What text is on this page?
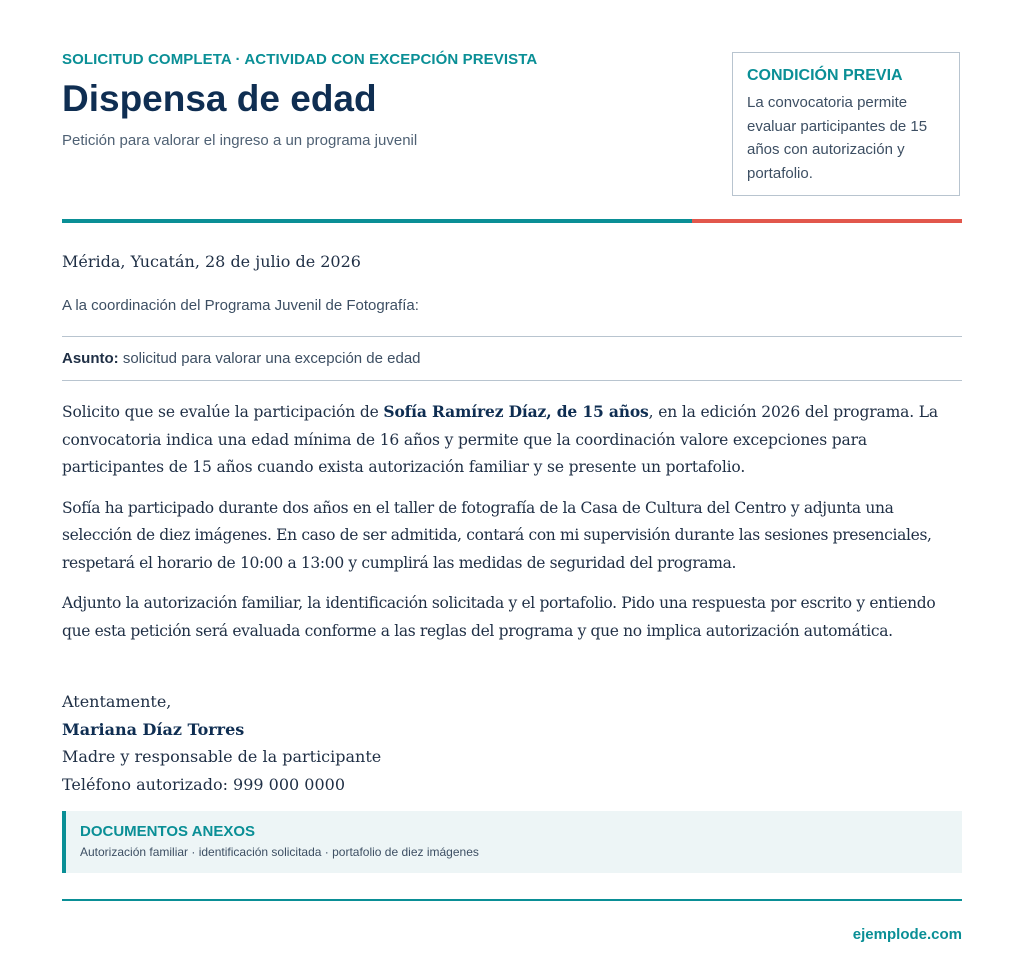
SOLICITUD COMPLETA · ACTIVIDAD CON EXCEPCIÓN PREVISTA
Dispensa de edad
Petición para valorar el ingreso a un programa juvenil
CONDICIÓN PREVIA
La convocatoria permite evaluar participantes de 15 años con autorización y portafolio.
Mérida, Yucatán, 28 de julio de 2026
A la coordinación del Programa Juvenil de Fotografía:
Asunto: solicitud para valorar una excepción de edad

Solicito que se evalúe la participación de Sofía Ramírez Díaz, de 15 años, en la edición 2026 del programa. La convocatoria indica una edad mínima de 16 años y permite que la coordinación valore excepciones para participantes de 15 años cuando exista autorización familiar y se presente un portafolio.

Sofía ha participado durante dos años en el taller de fotografía de la Casa de Cultura del Centro y adjunta una selección de diez imágenes. En caso de ser admitida, contará con mi supervisión durante las sesiones presenciales, respetará el horario de 10:00 a 13:00 y cumplirá las medidas de seguridad del programa.

Adjunto la autorización familiar, la identificación solicitada y el portafolio. Pido una respuesta por escrito y entiendo que esta petición será evaluada conforme a las reglas del programa y que no implica autorización automática.

Atentamente,
Mariana Díaz Torres
Madre y responsable de la participante
Teléfono autorizado: 999 000 0000
DOCUMENTOS ANEXOS
Autorización familiar · identificación solicitada · portafolio de diez imágenes
ejemplode.com
